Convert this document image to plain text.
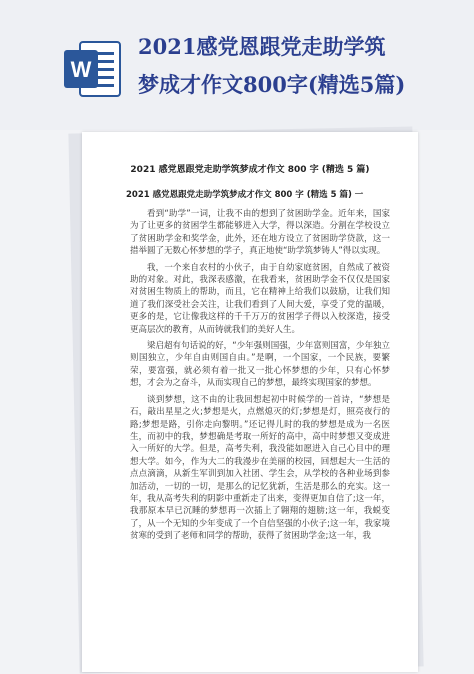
W
2021感党恩跟党走助学筑
梦成才作文800字(精选5篇)
2021 感党恩跟党走助学筑梦成才作文 800 字 (精选 5 篇)
2021 感党恩跟党走助学筑梦成才作文 800 字 (精选 5 篇) 一

看到“助学”一词，让我不由的想到了贫困助学金。近年来，国家为了让更多的贫困学生都能够进入大学，得以深造。分割在学校设立了贫困助学金和奖学金，此外，还在地方设立了贫困助学贷款，这一措举圆了无数心怀梦想的学子，真正地使“助学筑梦铸人”得以实现。

我，一个来自农村的小伙子，由于自幼家庭贫困，自然成了被资助的对象。对此，我深表感激，在我看来，贫困助学金不仅仅是国家对贫困生物质上的帮助，而且，它在精神上给我们以鼓励，让我们知道了我们深受社会关注，让我们看到了人间大爱，享受了党的温暖，更多的是，它让像我这样的千千万万的贫困学子得以入校深造，接受更高层次的教育，从而铸就我们的美好人生。

梁启超有句话说的好，“少年强则国强，少年富则国富，少年独立则国独立，少年自由则国自由。”是啊，一个国家，一个民族，要繁荣，要富强，就必须有着一批又一批心怀梦想的少年，只有心怀梦想，才会为之奋斗，从而实现自己的梦想，最终实现国家的梦想。

谈到梦想，这不由的让我回想起初中时候学的一首诗，“梦想是石，敲出星星之火;梦想是火，点燃熄灭的灯;梦想是灯，照亮夜行的路;梦想是路，引你走向黎明。”还记得儿时的我的梦想是成为一名医生，而初中的我，梦想确是考取一所好的高中，高中时梦想又变成进入一所好的大学。但是，高考失利，我没能如愿进入自己心目中的理想大学。如今，作为大二的我漫步在美丽的校园，回想起大一生活的点点滴滴，从新生军训到加入社团、学生会，从学校的各种业场到参加活动，一切的一切，是那么的记忆犹新，生活是那么的充实。这一年，我从高考失利的阴影中重新走了出来，变得更加自信了;这一年，我那原本早已沉睡的梦想再一次插上了翱翔的翅膀;这一年，我蜕变了，从一个无知的少年变成了一个自信坚强的小伙子;这一年，我家境贫寒的受到了老师和同学的帮助，获得了贫困助学金;这一年，我
